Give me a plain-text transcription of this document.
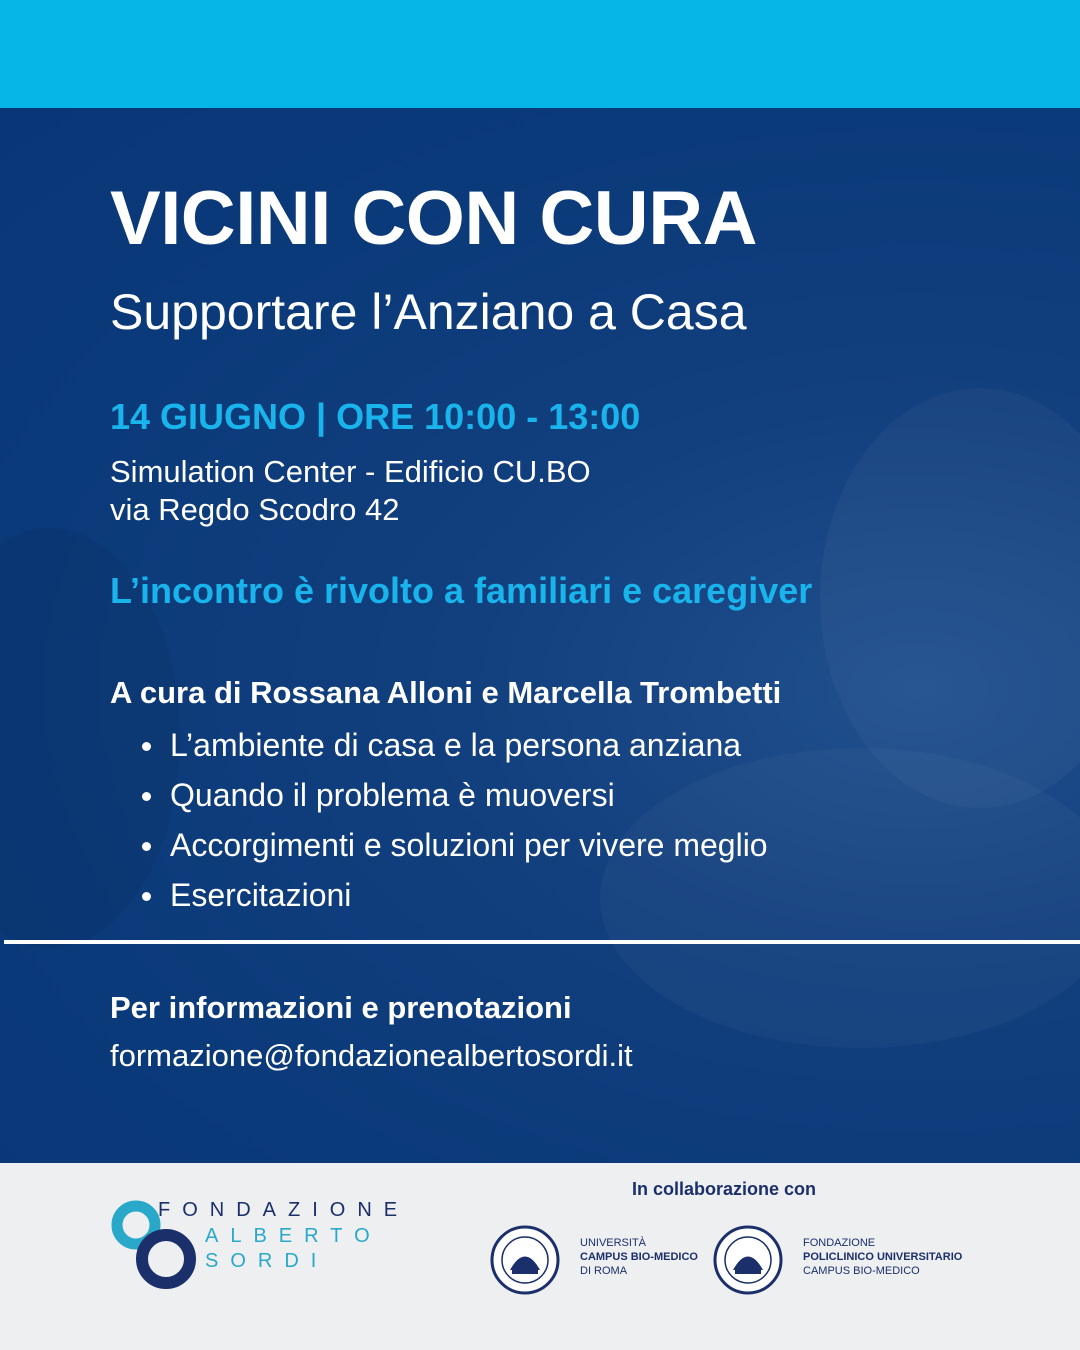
VICINI CON CURA
Supportare l’Anziano a Casa
14 GIUGNO | ORE 10:00 - 13:00
Simulation Center - Edificio CU.BO
via Regdo Scodro 42
L’incontro è rivolto a familiari e caregiver
A cura di Rossana Alloni e Marcella Trombetti
L’ambiente di casa e la persona anziana
Quando il problema è muoversi
Accorgimenti e soluzioni per vivere meglio
Esercitazioni
Per informazioni e prenotazioni
formazione@fondazionealbertosordi.it
FONDAZIONE
ALBERTO
SORDI
In collaborazione con
UNIVERSITÀ
CAMPUS BIO-MEDICO
DI ROMA
FONDAZIONE
POLICLINICO UNIVERSITARIO
CAMPUS BIO-MEDICO
